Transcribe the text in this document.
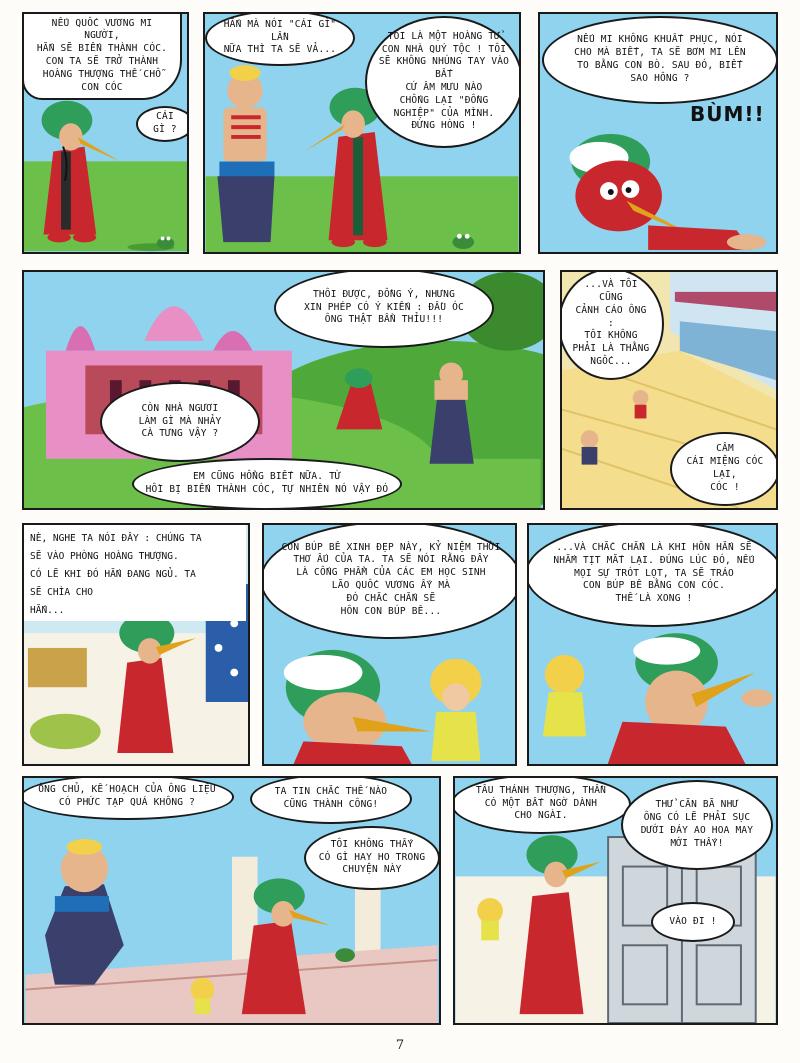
NẾU QUỐC VƯƠNG MI NGƯỜI,
HẮN SẼ BIẾN THÀNH CÓC.
CON TA SẼ TRỞ THÀNH
HOÀNG THƯỢNG THẾ CHỖ
CON CÓC
CÁI GÌ ?
HẮN MÀ NÓI "CÁI GÌ" LẦN
NỮA THÌ TA SẼ VẢ...
TÔI LÀ MỘT HOÀNG TỬ
CON NHÀ QUÝ TỘC ! TÔI
SẼ KHÔNG NHÚNG TAY VÀO BẤT
CỨ ÂM MƯU NÀO
CHỐNG LẠI "ĐỒNG
NGHIỆP" CỦA MÌNH.
ĐỪNG HÒNG !
NẾU MI KHÔNG KHUẤT PHỤC, NÓI
CHO MÀ BIẾT, TA SẼ BƠM MI LÊN
TO BẰNG CON BÒ. SAU ĐÓ, BIẾT
SAO HÔNG ?
BÙM!!
THÔI ĐƯỢC, ĐỒNG Ý, NHƯNG
XIN PHÉP CÓ Ý KIẾN : ĐẦU ÓC
ÔNG THẬT BẨN THỈU!!!
CÒN NHÀ NGƯƠI
LÀM GÌ MÀ NHẢY
CÀ TƯNG VẬY ?
EM CŨNG HỔNG BIẾT NỮA. TỪ
HỒI BỊ BIẾN THÀNH CÓC, TỰ NHIÊN NÓ VẬY ĐÓ
...VÀ TÔI CŨNG
CẢNH CÁO ÔNG :
TÔI KHÔNG
PHẢI LÀ THẰNG
NGỐC...
CÂM
CÁI MIỆNG CÓC LẠI,
CÓC !
NÈ, NGHE TA NÓI ĐÂY : CHÚNG TA
SẼ VÀO PHÒNG HOÀNG THƯỢNG.
CÓ LẼ KHI ĐÓ HẮN ĐANG NGỦ. TA
SẼ CHÌA CHO
HẮN...
CON BÚP BÊ XINH ĐẸP NÀY, KỶ NIỆM THỜI
THƠ ẤU CỦA TA. TA SẼ NÓI RẰNG ĐÂY
LÀ CỐNG PHẨM CỦA CÁC EM HỌC SINH
LÃO QUỐC VƯƠNG ẤY MÀ
ĐÓ CHẮC CHẮN SẼ
HÔN CON BÚP BÊ...
...VÀ CHẮC CHẮN LÀ KHI HÔN HẮN SẼ
NHẮM TỊT MẮT LẠI. ĐÚNG LÚC ĐÓ, NẾU
MỌI SỰ TRÓT LỌT, TA SẼ TRÁO
CON BÚP BÊ BẰNG CON CÓC.
THẾ LÀ XONG !
ÔNG CHỦ, KẾ HOẠCH CỦA ÔNG LIỆU
CÓ PHỨC TẠP QUÁ KHÔNG ?
TA TIN CHẮC THẾ NÀO
CŨNG THÀNH CÔNG!
TÔI KHÔNG THẤY
CÓ GÌ HAY HO TRONG
CHUYỆN NÀY
TÂU THÁNH THƯỢNG, THẦN
CÓ MỘT BẤT NGỜ DÀNH
CHO NGÀI.
THỬ CĂN BÃ NHƯ
ÔNG CÓ LẼ PHẢI SỤC
DƯỚI ĐÁY AO HOA MAY
MỚI THẤY!
VÀO ĐI !
7
